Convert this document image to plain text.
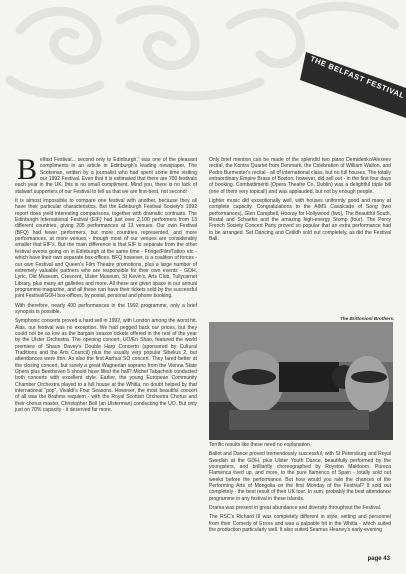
THE BELFAST FESTIVAL

Belfast Festival... second only to Edinburgh.” was one of the pleasant compliments in an article in Edinburgh's leading newspaper, The Scotsman, written by a journalist who had spent some time visiting our 1992 Festival. Even that it is estimated that there are 700 festivals each year in the UK, this is no small compliment. Mind you, there is no lack of stalwart supporters of our Festival to tell us that we are first-best, not second!

It is almost impossible to compare one festival with another, because they all have their particular characteristics. But the Edinburgh Festival Society's 1992 report does yield interesting comparisons, together with dramatic contrasts. The Edinburgh International Festival (EIF) had just over 2,100 performers from 13 different countries, giving 205 performances at 13 venues. Our own Festival (BFQ) had fewer performers, but more countries represented, and more performances, at more venues - though most of our venues are considerably smaller that EIF's. But the main difference is that EIF is separate from the other festival events going on in Edinburgh at the same time - Fringe/Film/Tattoo etc - which have their own separate box-offices. BFQ however, is a coalition of forces - our own Festival and Queen's Film Theatre promotions, plus a large number of extremely valuable partners who are responsible for their own events - GOH, Lyric, Old Museum, Crescent, Ulster Museum, St Kevin's, Arts Club, Tullycarnet Library, plus many art galleries and more. All these are given space in our annual programme-magazine, and all these can have their tickets sold by the successful joint Festival/GOH box-offices, by postal, personal and phone booking.

With therefore, nearly 400 performances in the 1992 programme, only a brief synopsis is possible.

Symphonic concerts proved a hard sell in 1992, with London among the worst hit. Alas, our festival was no exception. We had pegged back our prices, but they could not be as low as the bargain season tickets offered in the rest of the year by the Ulster Orchestra. The opening concert, UO/En Shao, featured the world premiere of Shaun Davey's Double Harp Concerto (sponsored by Cultural Traditions and the Arts Council) plus the usually very popular Sibelius 2, but attendances were thin. As also the first Aarhus SO concert. They fared better at the closing concert, but surely a great Wagnerian soprano from the Vienna State Opera plus Beethoven 5 should have filled the hall? Michel Tabachnik conducted both concerts with excellent style. Earlier, the young European Community Chamber Orchestra played to a full house at the Whitla, no doubt helped by that international “pop”, Vivaldi's Four Seasons. However, the most beautiful concert of all was the Brahms requiem - with the Royal Scottish Orchestra Chorus and their chorus master, Christopher Bell (an Ulsterman) conducting the UO. But only just on 70% capacity - it deserved far more.

Only brief mention can be made of the splendid two piano Demidenko/Alexeev recital, the Kontra Quartet from Denmark, the Celebration of William Walton, and Pedro Burmester's recital - all of international class, but no full houses. The totally extraordinary Empire Brass of Boston, however, did sell out - in the first four days of booking. Combattimenti (Opera Theatre Co, Dublin) was a delightful triple bill (one of them very topical!) and was applauded, but not by enough people.

Lighter music did exceptionally well, with houses uniformly good and many at complete capacity. Congratulations to the AIMS Cavalcade of Song (two performances), Glen Campbell, Hooray for Hollywood (two), The Beautiful South, Rostal and Schaefer and the amazing high-energy Stomp (four). The Percy French Society Concert Party proved so popular that an extra performance had to be arranged. Set Dancing and Ceilidh sold out completely, as did the Festival Ball.

The Brittonioni Brothers.

Terrific results like these need no explanation.

Ballet and Dance proved tremendously successful, with St Petersburg and Royal Swedish at the GOH, plus Ulster Youth Dance, beautifully performed by the youngsters, and brilliantly choreographed by Royston Maldoom. Pureza Flamenca lived up, and more, to the pure flamenco of Spain - totally sold out weeks before the performance. But how would you rate the chances of the Performing Arts of Mongolia on the first Monday of the Festival? It sold out completely - the best result of their UK tour. In sum, probably the best attendance programme in any festival in these islands.

Drama was present in great abundance and diversity throughout the Festival.

The RSC's Richard III was completely different in style, setting and personnel from their Comedy of Errors and was a palpable hit in the Whitla - which suited the production particularly well. It also suited Seamus Heaney's early-evening

page 43
